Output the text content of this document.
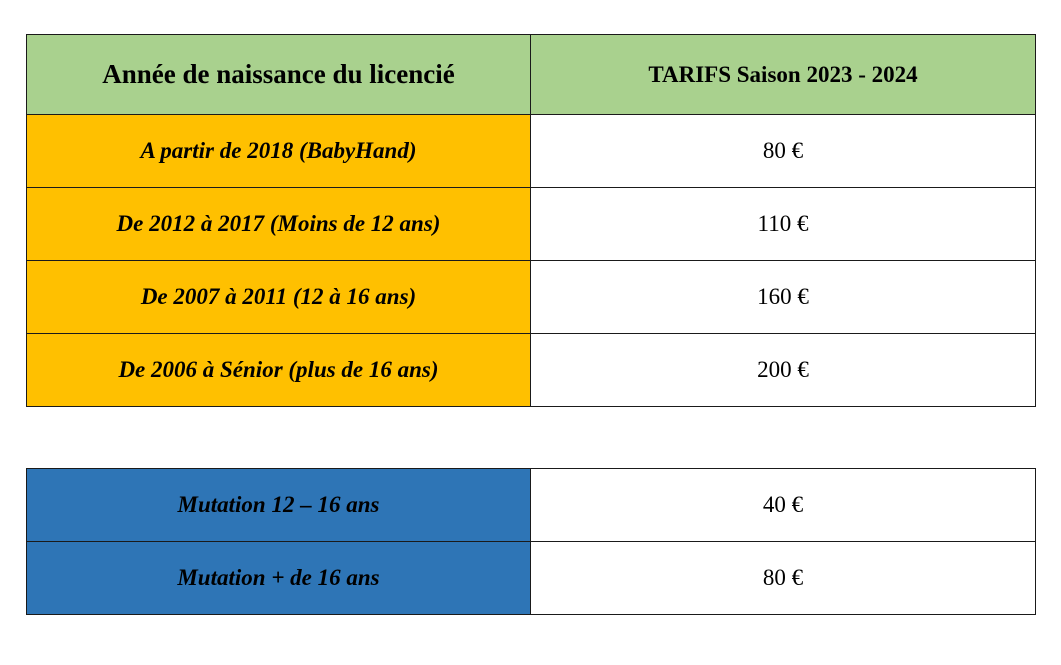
Année de naissance du licencié	TARIFS Saison 2023 - 2024
A partir de 2018 (BabyHand)	80 €
De 2012 à 2017 (Moins de 12 ans)	110 €
De 2007 à 2011 (12 à 16 ans)	160 €
De 2006 à Sénior (plus de 16 ans)	200 €
Mutation 12 – 16 ans	40 €
Mutation + de 16 ans	80 €
